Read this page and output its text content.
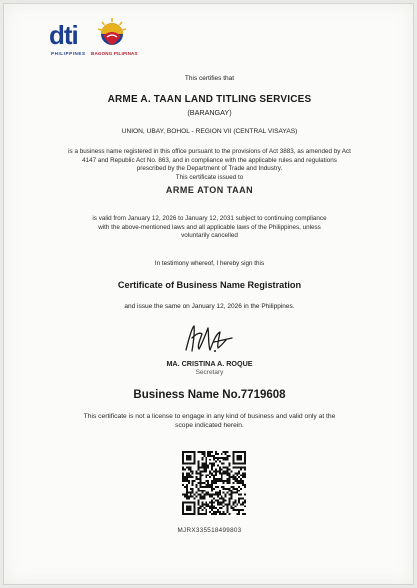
dti
PHILIPPINES BAGONG PILIPINAS
This certifies that
ARME A. TAAN LAND TITLING SERVICES
(BARANGAY)
UNION, UBAY, BOHOL - REGION VII (CENTRAL VISAYAS)
is a business name registered in this office pursuant to the provisions of Act 3883, as amended by Act
4147 and Republic Act No. 863, and in compliance with the applicable rules and regulations
prescribed by the Department of Trade and Industry.
This certificate issued to
ARME ATON TAAN
is valid from January 12, 2026 to January 12, 2031 subject to continuing compliance
with the above-mentioned laws and all applicable laws of the Philippines, unless
voluntarily cancelled
In testimony whereof, I hereby sign this
Certificate of Business Name Registration
and issue the same on January 12, 2026 in the Philippines.
MA. CRISTINA A. ROQUE
Secretary
Business Name No.7719608
This certificate is not a license to engage in any kind of business and valid only at the
scope indicated herein.
MJRX335518499803
